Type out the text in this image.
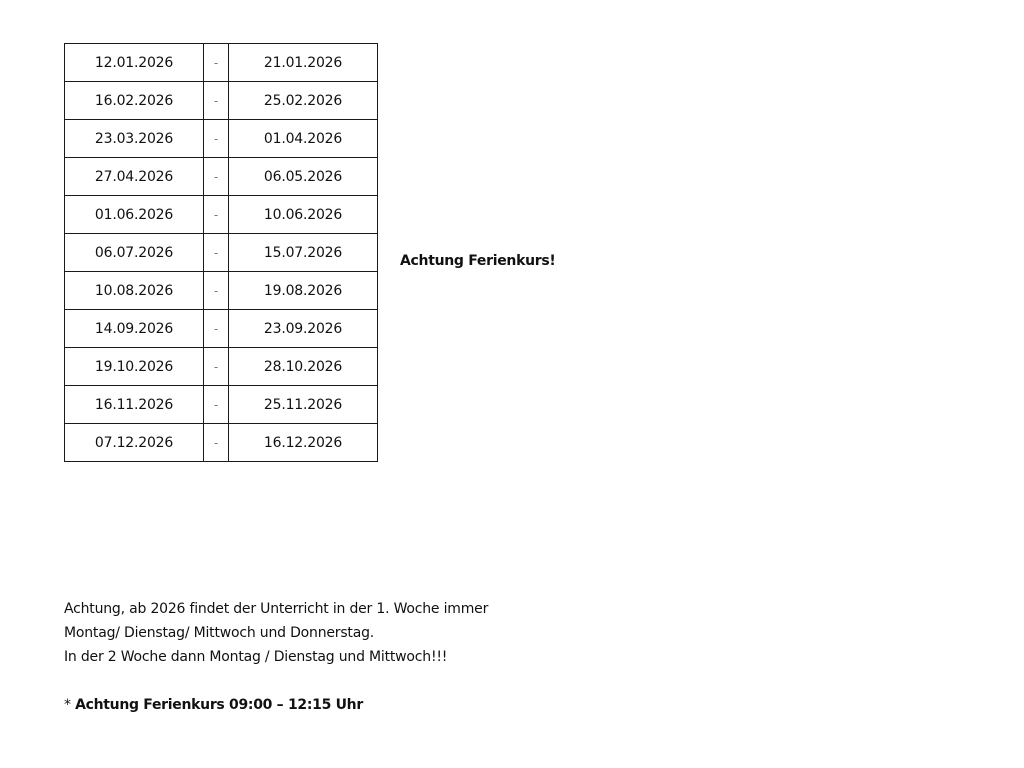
12.01.2026	-	21.01.2026
16.02.2026	-	25.02.2026
23.03.2026	-	01.04.2026
27.04.2026	-	06.05.2026
01.06.2026	-	10.06.2026
06.07.2026	-	15.07.2026
10.08.2026	-	19.08.2026
14.09.2026	-	23.09.2026
19.10.2026	-	28.10.2026
16.11.2026	-	25.11.2026
07.12.2026	-	16.12.2026
Achtung Ferienkurs!

Achtung, ab 2026 findet der Unterricht in der 1. Woche immer

Montag/ Dienstag/ Mittwoch und Donnerstag.

In der 2 Woche dann Montag / Dienstag und Mittwoch!!!

* Achtung Ferienkurs 09:00 – 12:15 Uhr
